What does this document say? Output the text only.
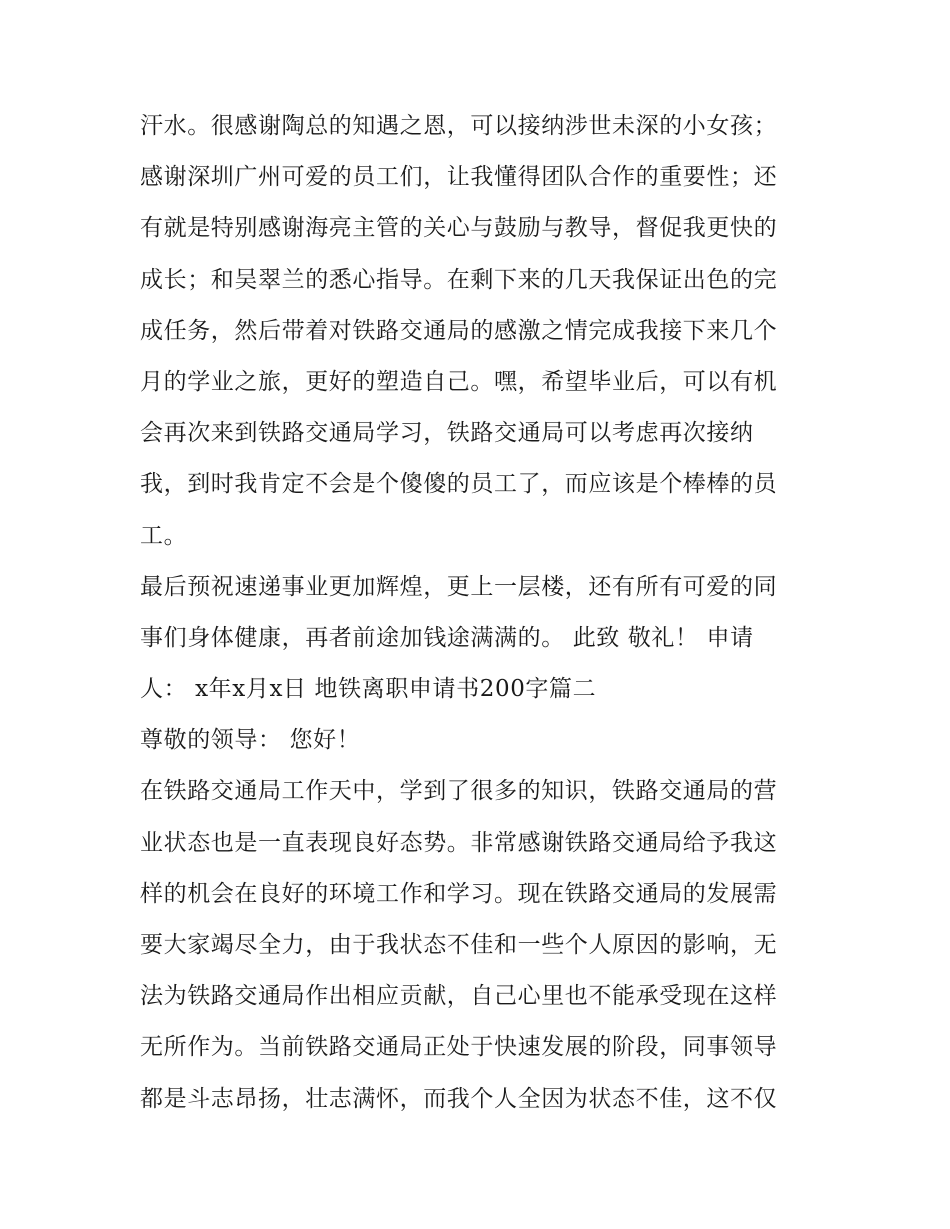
汗水。很感谢陶总的知遇之恩，可以接纳涉世未深的小女孩；
感谢深圳广州可爱的员工们，让我懂得团队合作的重要性；还
有就是特别感谢海亮主管的关心与鼓励与教导，督促我更快的
成长；和吴翠兰的悉心指导。在剩下来的几天我保证出色的完
成任务，然后带着对铁路交通局的感激之情完成我接下来几个
月的学业之旅，更好的塑造自己。嘿，希望毕业后，可以有机
会再次来到铁路交通局学习，铁路交通局可以考虑再次接纳
我，到时我肯定不会是个傻傻的员工了，而应该是个棒棒的员
工。
最后预祝速递事业更加辉煌，更上一层楼，还有所有可爱的同
事们身体健康，再者前途加钱途满满的。 此致 敬礼！ 申请
人： x年x月x日 地铁离职申请书200字篇二
尊敬的领导： 您好！
在铁路交通局工作天中，学到了很多的知识，铁路交通局的营
业状态也是一直表现良好态势。非常感谢铁路交通局给予我这
样的机会在良好的环境工作和学习。现在铁路交通局的发展需
要大家竭尽全力，由于我状态不佳和一些个人原因的影响，无
法为铁路交通局作出相应贡献，自己心里也不能承受现在这样
无所作为。当前铁路交通局正处于快速发展的阶段，同事领导
都是斗志昂扬，壮志满怀，而我个人全因为状态不佳，这不仅
